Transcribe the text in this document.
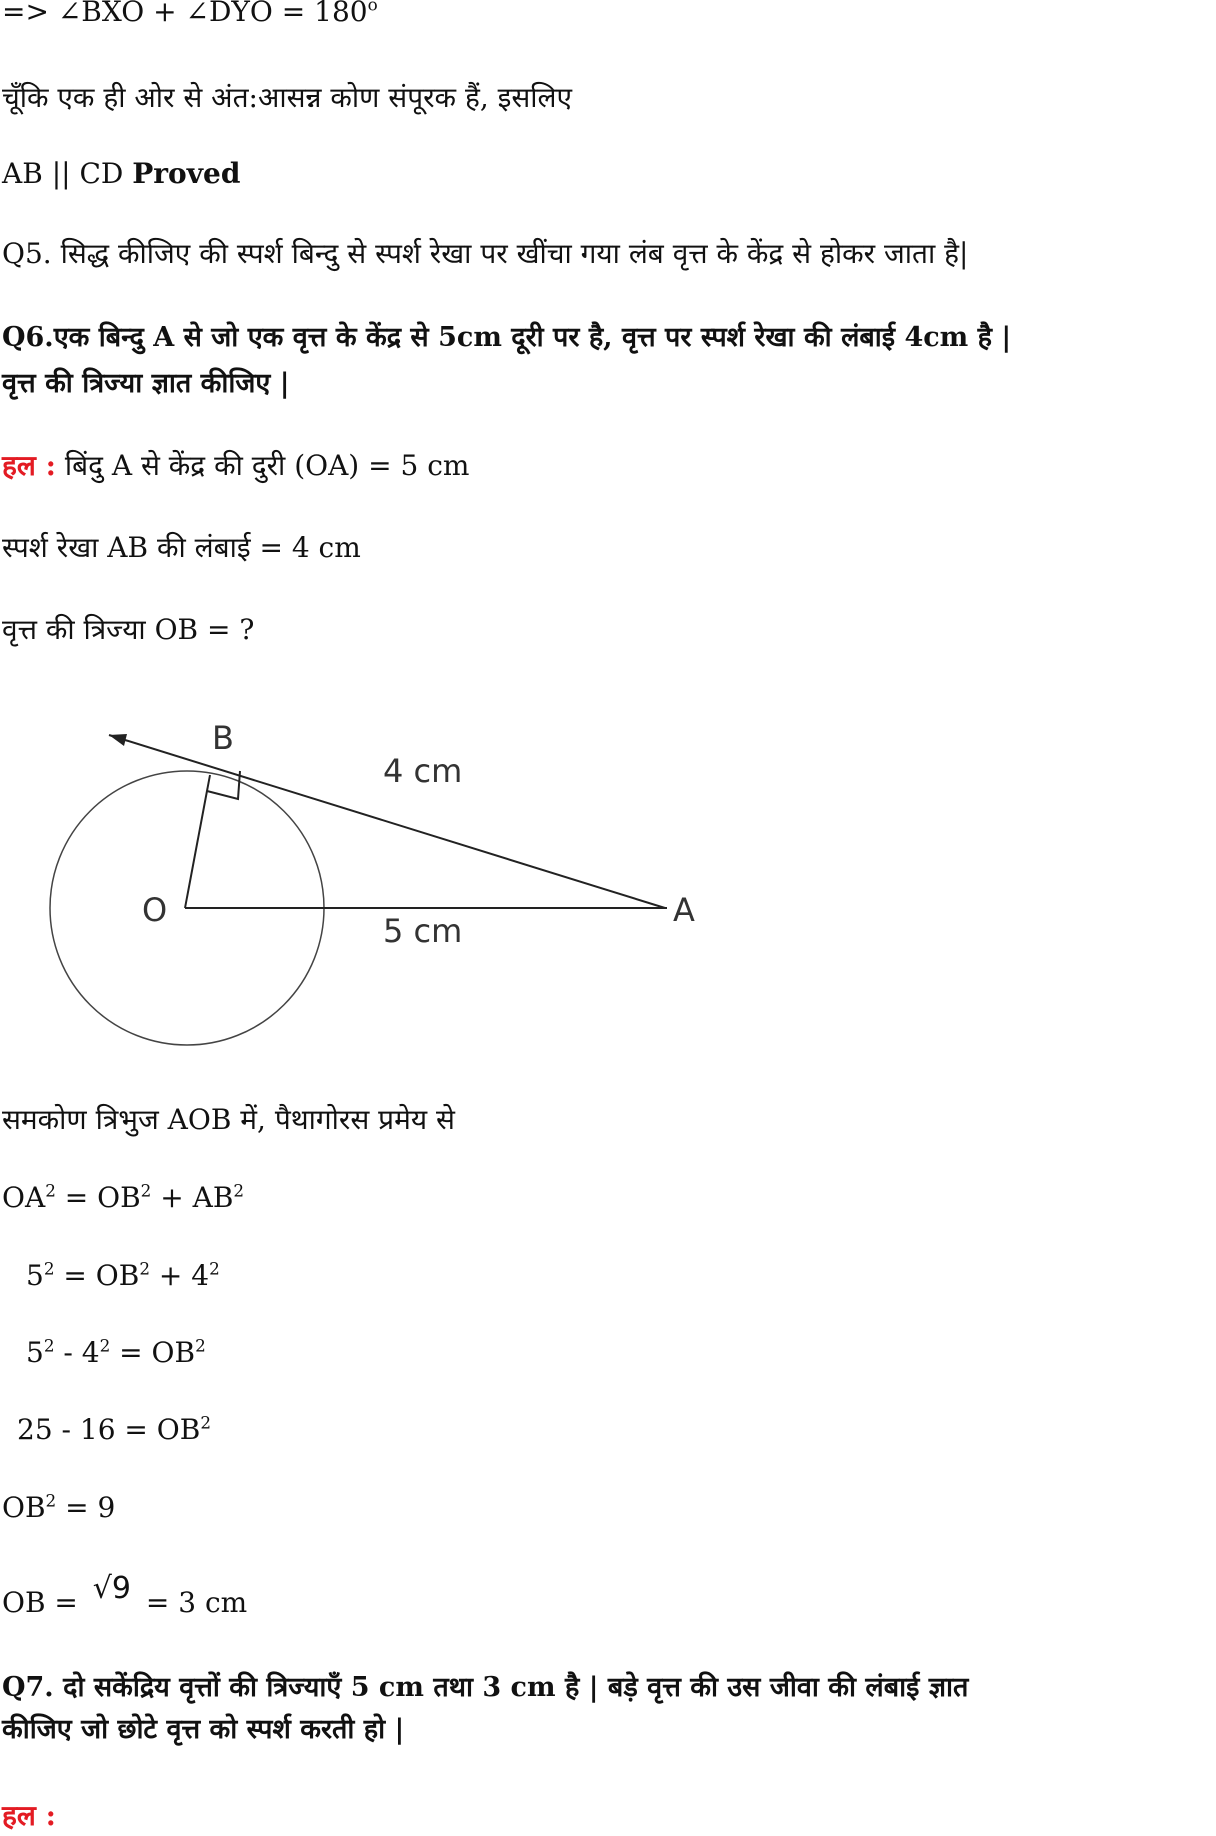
=> ∠BXO + ∠DYO = $180^o$
चूँकि एक ही ओर से अंत:आसन्न कोण संपूरक हैं, इसलिए
AB || CD Proved
Q5. सिद्ध कीजिए की स्पर्श बिन्दु से स्पर्श रेखा पर खींचा गया लंब वृत्त के केंद्र से होकर जाता है|
Q6.एक बिन्दु A से जो एक वृत्त के केंद्र से 5cm दूरी पर है, वृत्त पर स्पर्श रेखा की लंबाई 4cm है |
वृत्त की त्रिज्या ज्ञात कीजिए |
हल : बिंदु A से केंद्र की दुरी (OA) = 5 cm
स्पर्श रेखा AB की लंबाई = 4 cm
वृत्त की त्रिज्या OB = ?
B
O	A
4 cm
5 cm
समकोण त्रिभुज AOB में, पैथागोरस प्रमेय से
$OA^2 = OB^2 + AB^2$
$5^2 = OB^2 + 4^2$
$5^2 - 4^2 = OB^2$
$25 - 16 = OB^2$
$OB^2 = 9$
OB = √9 = 3 cm
Q7. दो सकेंद्रिय वृत्तों की त्रिज्याएँ 5 cm तथा 3 cm है | बड़े वृत्त की उस जीवा की लंबाई ज्ञात
कीजिए जो छोटे वृत्त को स्पर्श करती हो |
हल :
